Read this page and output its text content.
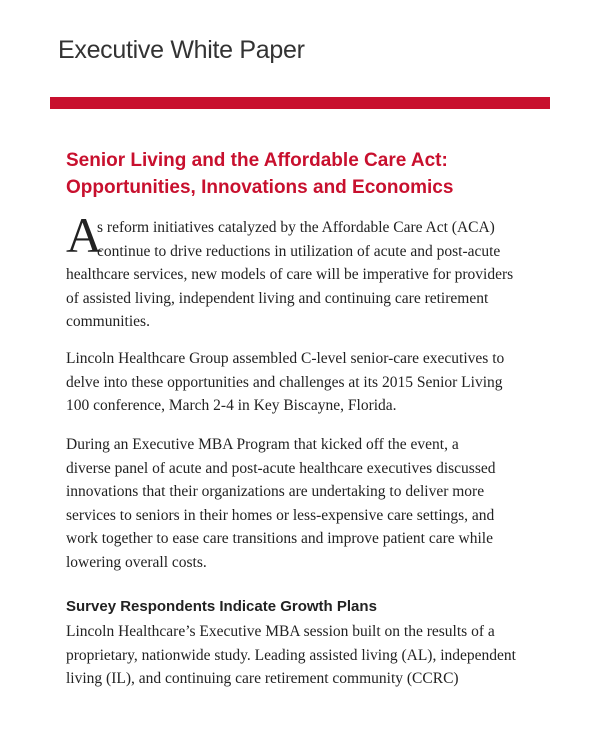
Executive White Paper
Senior Living and the Affordable Care Act:
Opportunities, Innovations and Economics
A
s reform initiatives catalyzed by the Affordable Care Act (ACA)
continue to drive reductions in utilization of acute and post-acute
healthcare services, new models of care will be imperative for providers
of assisted living, independent living and continuing care retirement
communities.
Lincoln Healthcare Group assembled C-level senior-care executives to
delve into these opportunities and challenges at its 2015 Senior Living
100 conference, March 2-4 in Key Biscayne, Florida.
During an Executive MBA Program that kicked off the event, a
diverse panel of acute and post-acute healthcare executives discussed
innovations that their organizations are undertaking to deliver more
services to seniors in their homes or less-expensive care settings, and
work together to ease care transitions and improve patient care while
lowering overall costs.
Survey Respondents Indicate Growth Plans
Lincoln Healthcare’s Executive MBA session built on the results of a
proprietary, nationwide study. Leading assisted living (AL), independent
living (IL), and continuing care retirement community (CCRC)
